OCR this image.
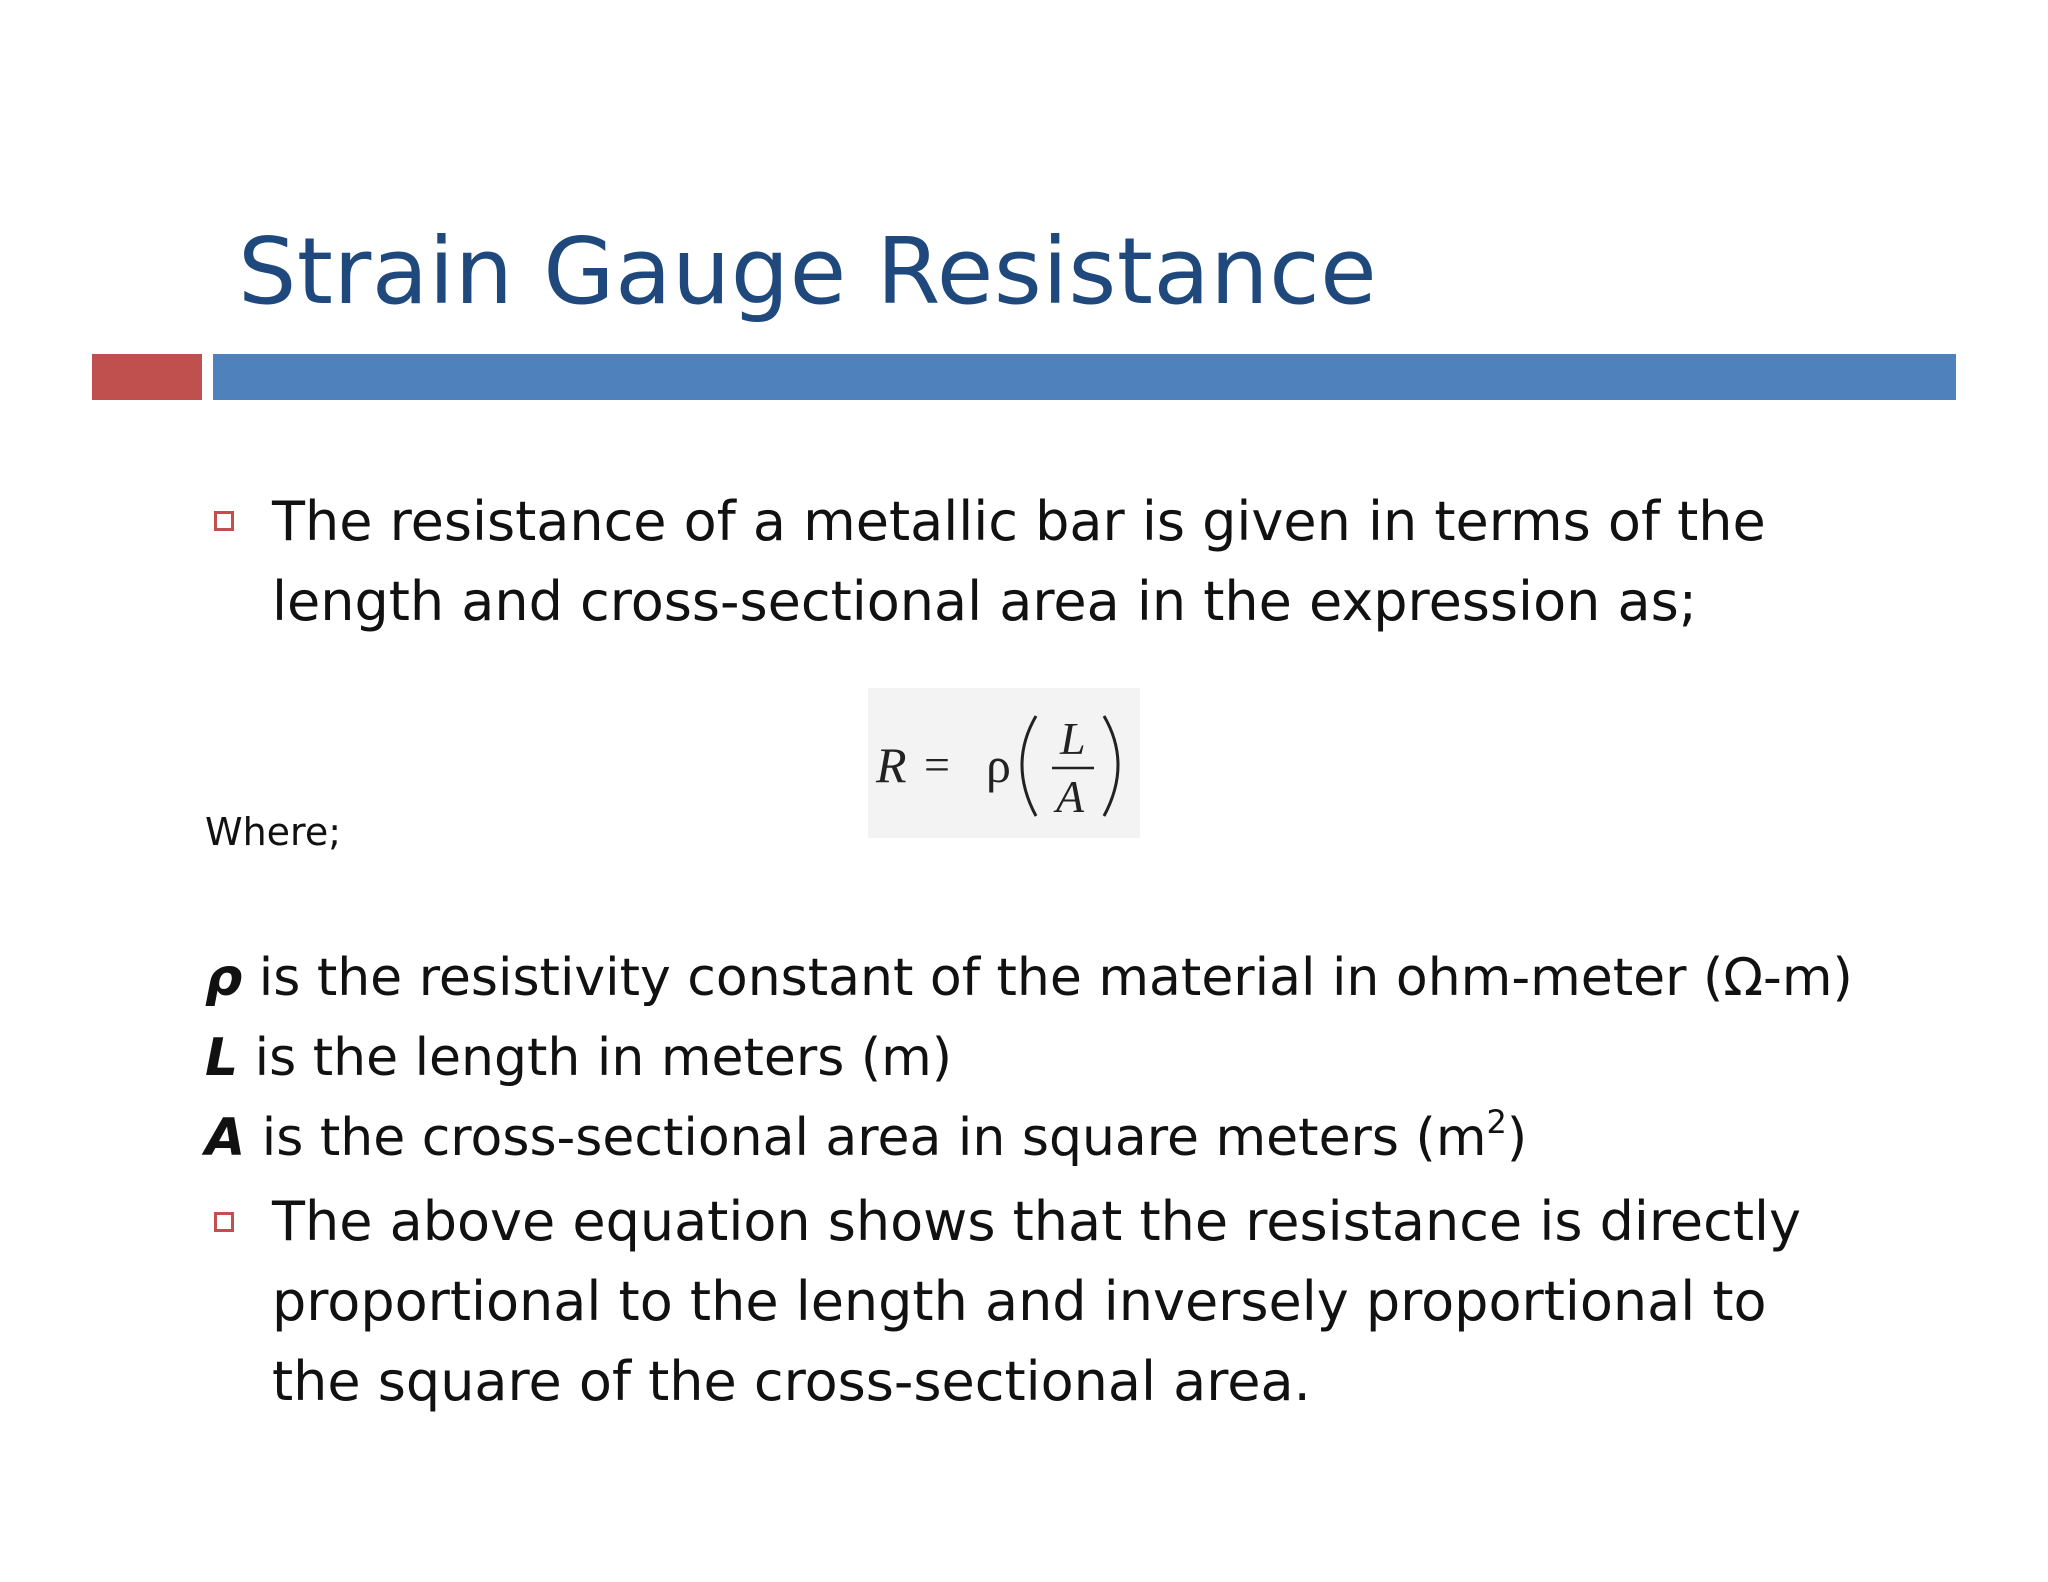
Strain Gauge Resistance
The resistance of a metallic bar is given in terms of the
length and cross-sectional area in the expression as;
R = ρ L
A
Where;
ρ is the resistivity constant of the material in ohm-meter (Ω-m)
L is the length in meters (m)
A is the cross-sectional area in square meters $(m^2)$
The above equation shows that the resistance is directly
proportional to the length and inversely proportional to
the square of the cross-sectional area.
